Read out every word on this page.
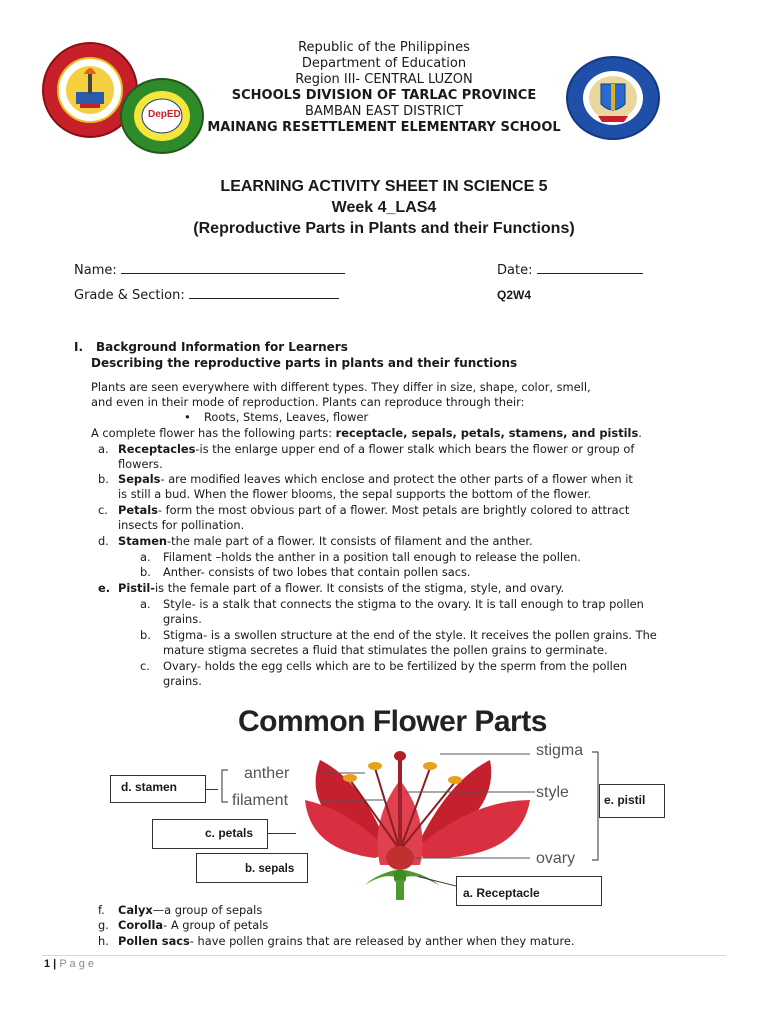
DepED
Republic of the Philippines
Department of Education
Region III- CENTRAL LUZON
SCHOOLS DIVISION OF TARLAC PROVINCE
BAMBAN EAST DISTRICT
MAINANG RESETTLEMENT ELEMENTARY SCHOOL
LEARNING ACTIVITY SHEET IN SCIENCE 5
Week 4_LAS4
(Reproductive Parts in Plants and their Functions)
Name:	Date:
Grade & Section:	Q2W4
I. Background Information for Learners
Describing the reproductive parts in plants and their functions
Plants are seen everywhere with different types. They differ in size, shape, color, smell,
and even in their mode of reproduction. Plants can reproduce through their:
• Roots, Stems, Leaves, flower
A complete flower has the following parts: receptacle, sepals, petals, stamens, and pistils.
a. Receptacles-is the enlarge upper end of a flower stalk which bears the flower or group of
flowers.
b. Sepals- are modified leaves which enclose and protect the other parts of a flower when it
is still a bud. When the flower blooms, the sepal supports the bottom of the flower.
c. Petals- form the most obvious part of a flower. Most petals are brightly colored to attract
insects for pollination.
d. Stamen-the male part of a flower. It consists of filament and the anther.
a. Filament –holds the anther in a position tall enough to release the pollen.
b. Anther- consists of two lobes that contain pollen sacs.
e. Pistil-is the female part of a flower. It consists of the stigma, style, and ovary.
a. Style- is a stalk that connects the stigma to the ovary. It is tall enough to trap pollen
grains.
b. Stigma- is a swollen structure at the end of the style. It receives the pollen grains. The
mature stigma secretes a fluid that stimulates the pollen grains to germinate.
c. Ovary- holds the egg cells which are to be fertilized by the sperm from the pollen
grains.
Common Flower Parts
stigma
anther
style
filament
ovary
d. stamen
e. pistil
c. petals
b. sepals
a. Receptacle
f. Calyx—a group of sepals
g. Corolla- A group of petals
h. Pollen sacs- have pollen grains that are released by anther when they mature.
1 | P a g e
